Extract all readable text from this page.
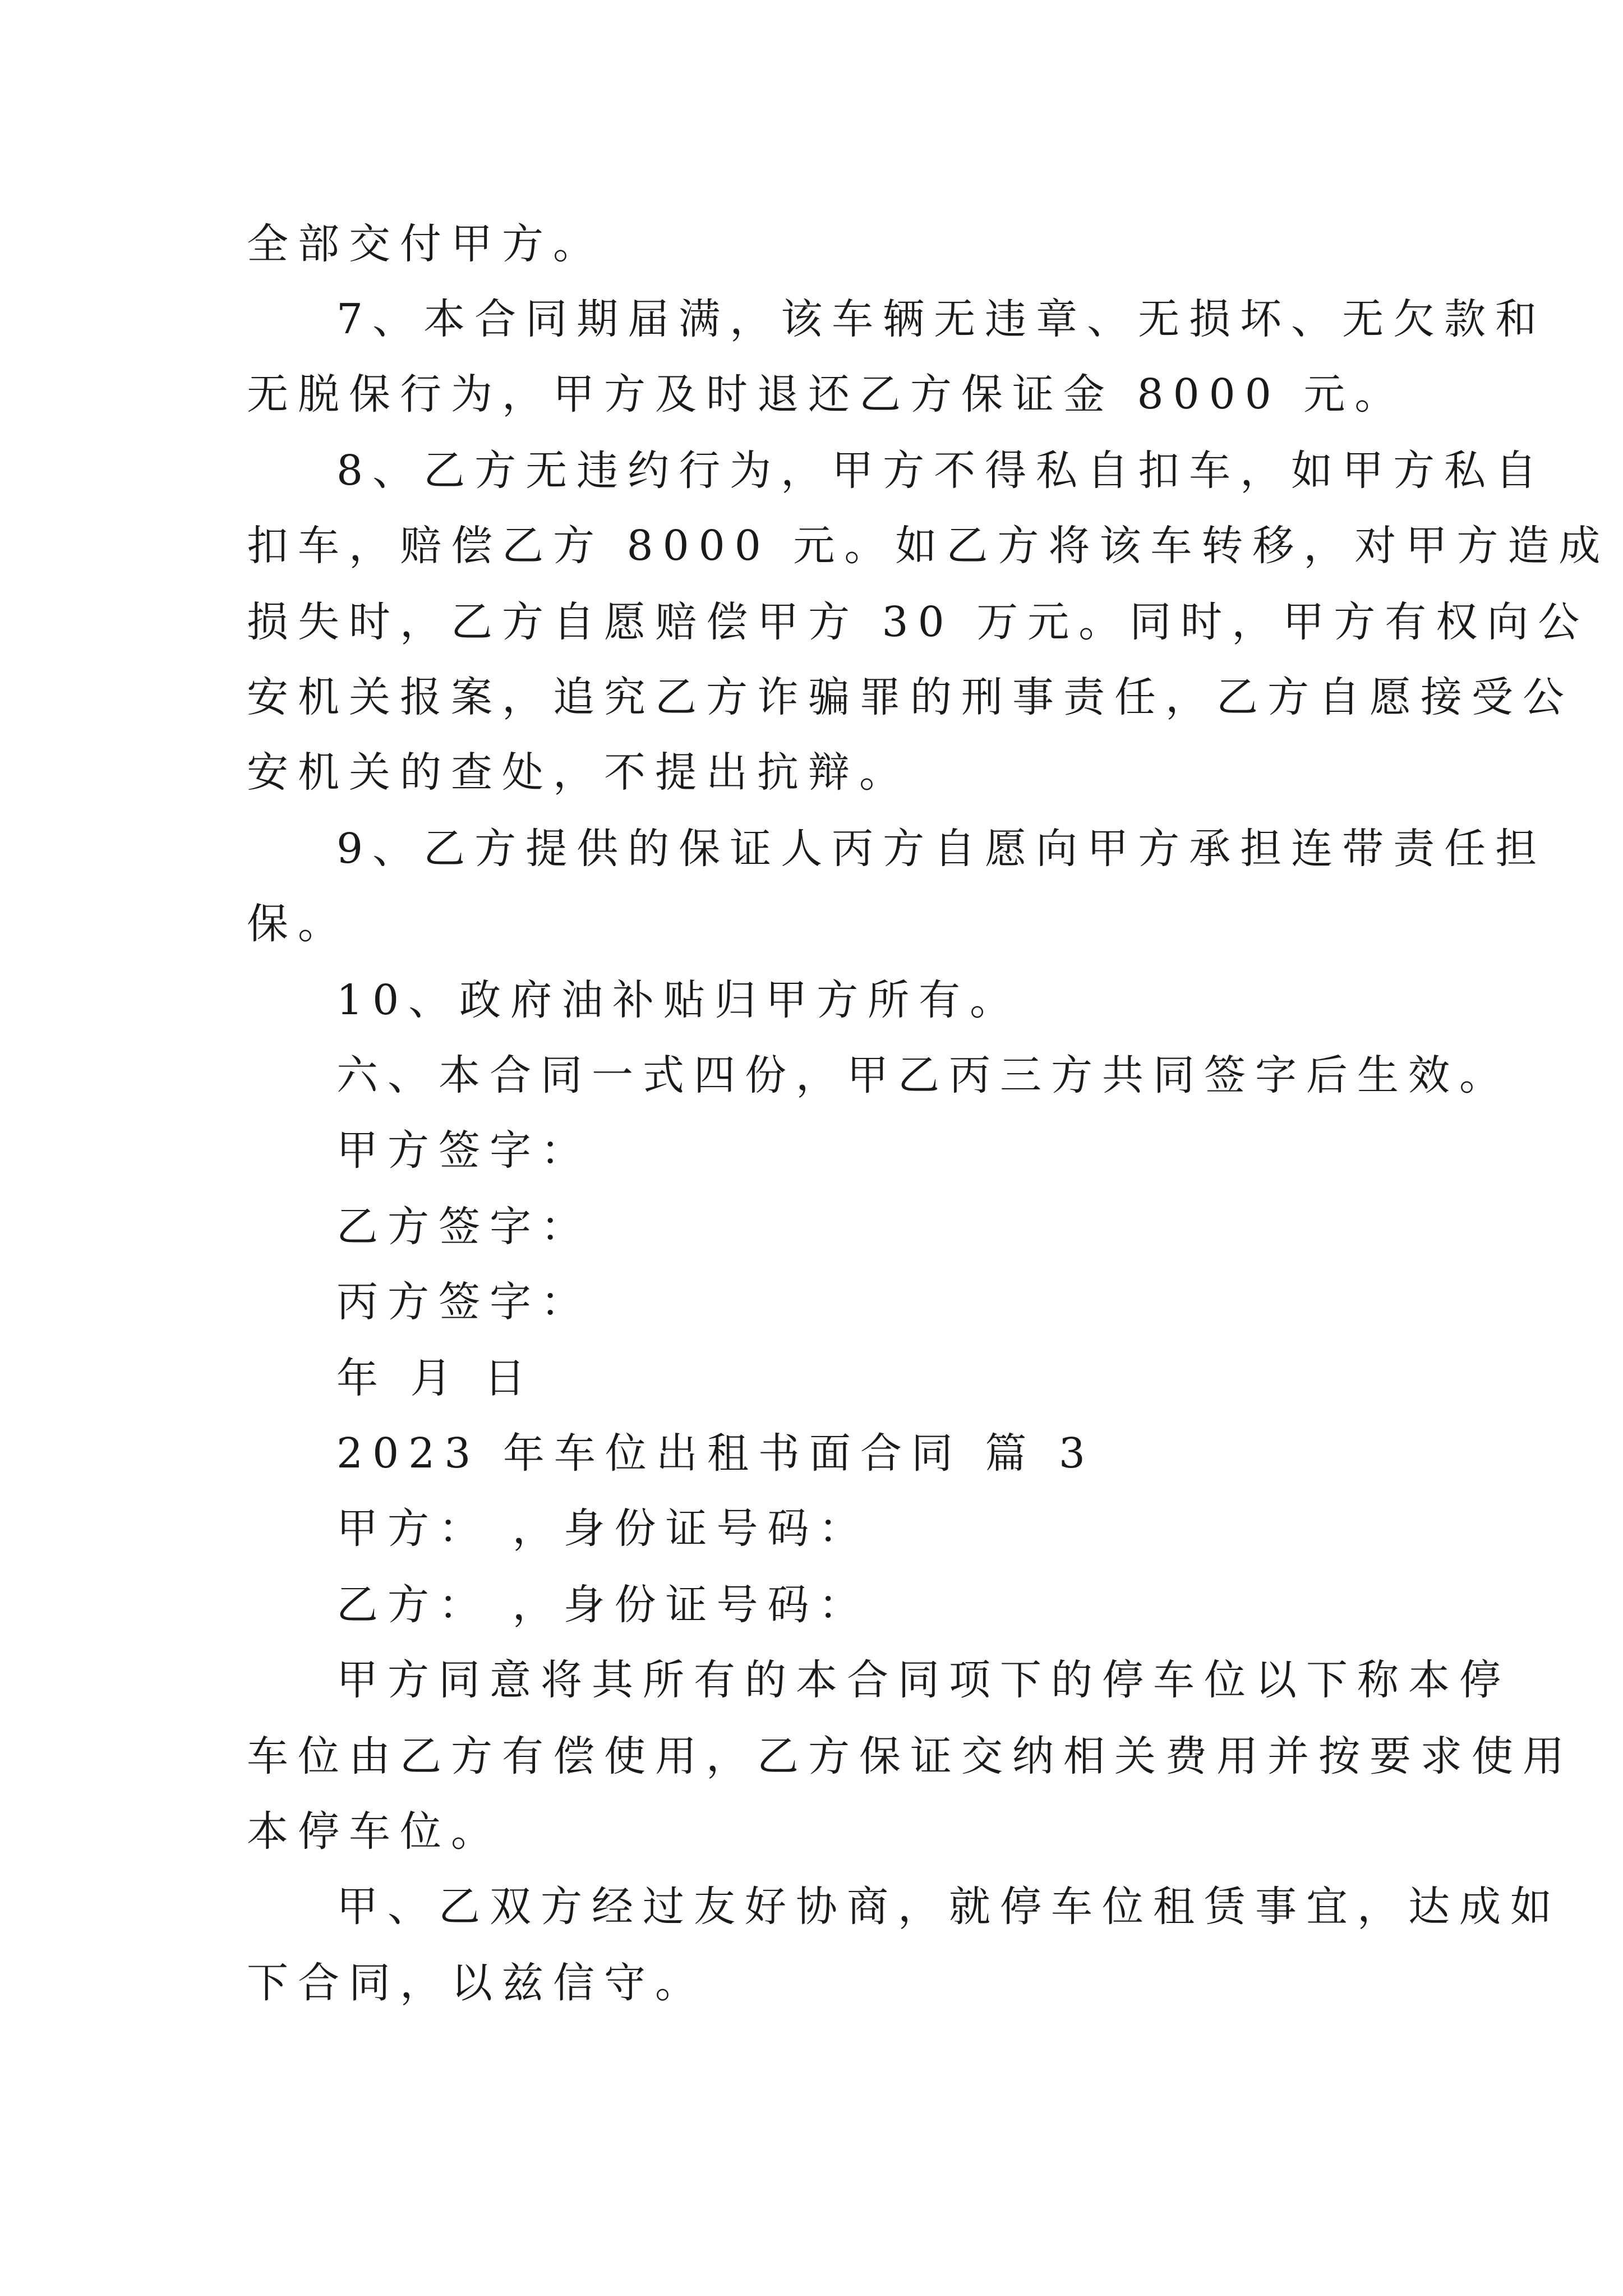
全部交付甲方。
7、本合同期届满，该车辆无违章、无损坏、无欠款和
无脱保行为，甲方及时退还乙方保证金 8000 元。
8、乙方无违约行为，甲方不得私自扣车，如甲方私自
扣车，赔偿乙方 8000 元。如乙方将该车转移，对甲方造成
损失时，乙方自愿赔偿甲方 30 万元。同时，甲方有权向公
安机关报案，追究乙方诈骗罪的刑事责任，乙方自愿接受公
安机关的查处，不提出抗辩。
9、乙方提供的保证人丙方自愿向甲方承担连带责任担
保。
10、政府油补贴归甲方所有。
六、本合同一式四份，甲乙丙三方共同签字后生效。
甲方签字：
乙方签字：
丙方签字：
年 月 日
2023 年车位出租书面合同 篇 3
甲方： ，身份证号码：
乙方： ，身份证号码：
甲方同意将其所有的本合同项下的停车位以下称本停
车位由乙方有偿使用，乙方保证交纳相关费用并按要求使用
本停车位。
甲、乙双方经过友好协商，就停车位租赁事宜，达成如
下合同，以兹信守。
